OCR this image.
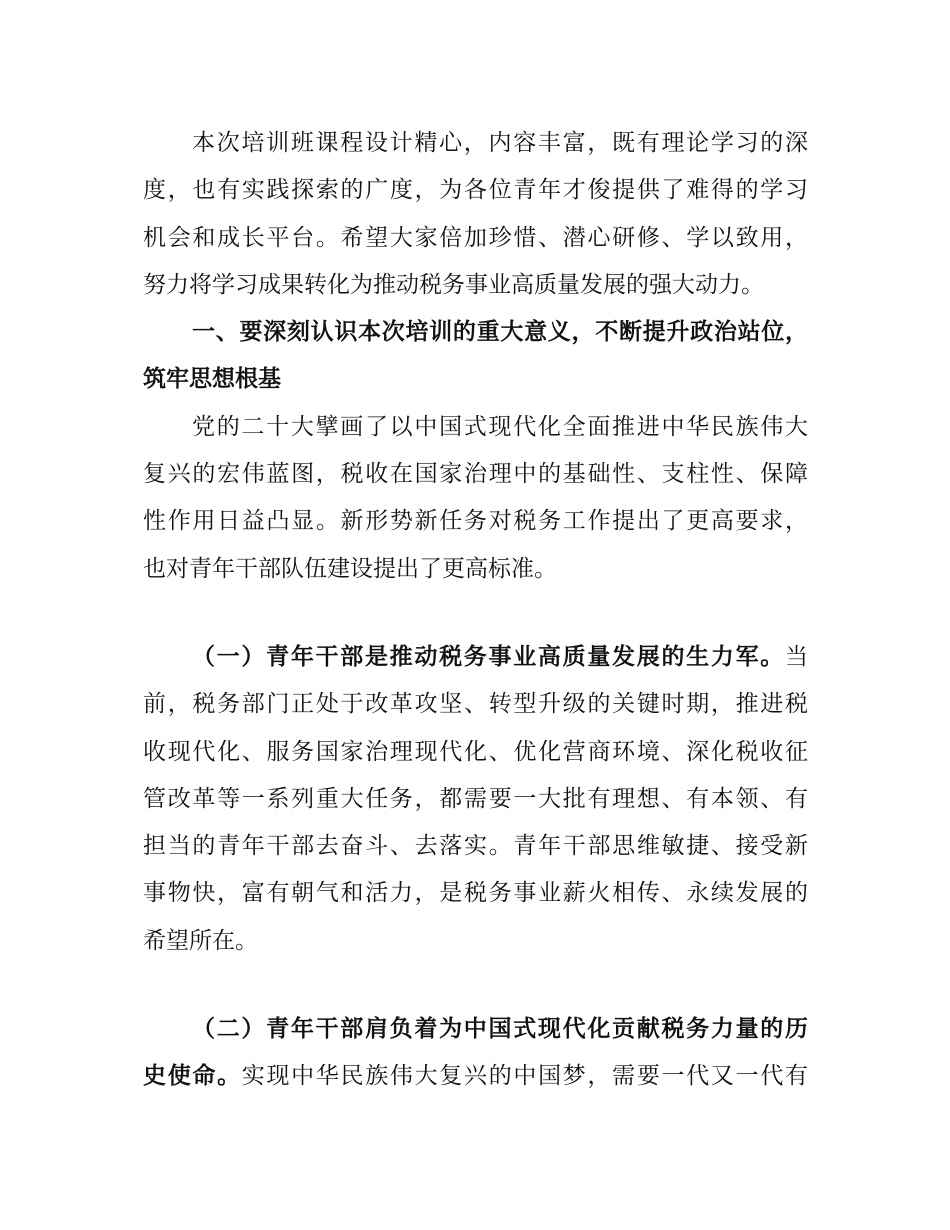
本次培训班课程设计精心，内容丰富，既有理论学习的深
度，也有实践探索的广度，为各位青年才俊提供了难得的学习
机会和成长平台。希望大家倍加珍惜、潜心研修、学以致用，
努力将学习成果转化为推动税务事业高质量发展的强大动力。
一、要深刻认识本次培训的重大意义，不断提升政治站位，
筑牢思想根基
党的二十大擘画了以中国式现代化全面推进中华民族伟大
复兴的宏伟蓝图，税收在国家治理中的基础性、支柱性、保障
性作用日益凸显。新形势新任务对税务工作提出了更高要求，
也对青年干部队伍建设提出了更高标准。
（一）青年干部是推动税务事业高质量发展的生力军。当
前，税务部门正处于改革攻坚、转型升级的关键时期，推进税
收现代化、服务国家治理现代化、优化营商环境、深化税收征
管改革等一系列重大任务，都需要一大批有理想、有本领、有
担当的青年干部去奋斗、去落实。青年干部思维敏捷、接受新
事物快，富有朝气和活力，是税务事业薪火相传、永续发展的
希望所在。
（二）青年干部肩负着为中国式现代化贡献税务力量的历
史使命。实现中华民族伟大复兴的中国梦，需要一代又一代有
